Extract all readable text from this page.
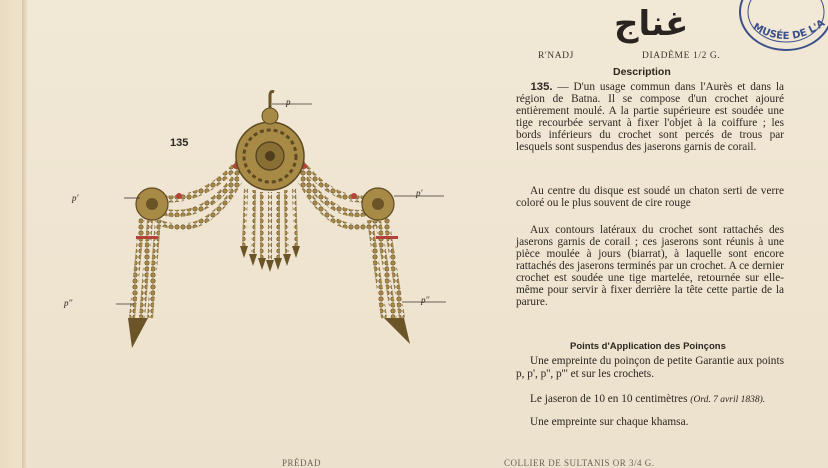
MUSÉE DE L'A
غناج
R'NADJ	DIADÈME 1/2 G.
Description

135. — D'un usage commun dans l'Aurès et dans la région de Batna. Il se compose d'un crochet ajouré entièrement moulé. A la partie supérieure est soudée une tige recourbée servant à fixer l'objet à la coiffure ; les bords inférieurs du crochet sont percés de trous par lesquels sont suspendus des jaserons garnis de corail.

Au centre du disque est soudé un chaton serti de verre coloré ou le plus souvent de cire rouge

Aux contours latéraux du crochet sont rattachés des jaserons garnis de corail ; ces jaserons sont réunis à une pièce moulée à jours (biarrat), à laquelle sont encore rattachés des jaserons terminés par un crochet. A ce dernier crochet est soudée une tige martelée, retournée sur elle-même pour servir à fixer derrière la tête cette partie de la parure.

Points d'Application des Poinçons

Une empreinte du poinçon de petite Garantie aux points p, p', p'', p''' et sur les crochets.

Le jaseron de 10 en 10 centimètres (Ord. 7 avril 1838).

Une empreinte sur chaque khamsa.

PRÉDAD	COLLIER DE SULTANIS OR 3/4 G.
135
p
p'	p'
p''	p''
